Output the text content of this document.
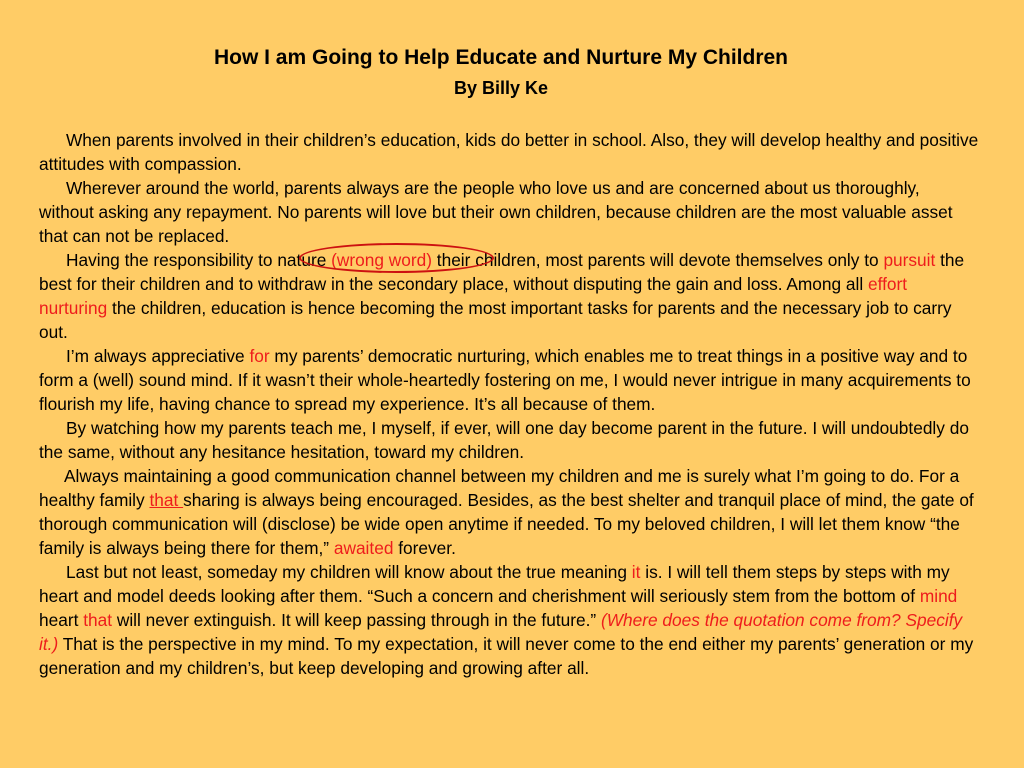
How I am Going to Help Educate and Nurture My Children
By Billy Ke

When parents involved in their children’s education, kids do better in school. Also, they will develop healthy and positive attitudes with compassion.

Wherever around the world, parents always are the people who love us and are concerned about us thoroughly, without asking any repayment. No parents will love but their own children, because children are the most valuable asset that can not be replaced.

Having the responsibility to nature (wrong word) their children, most parents will devote themselves only to pursuit the best for their children and to withdraw in the secondary place, without disputing the gain and loss. Among all effort nurturing the children, education is hence becoming the most important tasks for parents and the necessary job to carry out.

I’m always appreciative for my parents’ democratic nurturing, which enables me to treat things in a positive way and to form a (well) sound mind. If it wasn’t their whole-heartedly fostering on me, I would never intrigue in many acquirements to flourish my life, having chance to spread my experience. It’s all because of them.

By watching how my parents teach me, I myself, if ever, will one day become parent in the future. I will undoubtedly do the same, without any hesitance hesitation, toward my children.

Always maintaining a good communication channel between my children and me is surely what I’m going to do. For a healthy family that sharing is always being encouraged. Besides, as the best shelter and tranquil place of mind, the gate of thorough communication will (disclose) be wide open anytime if needed. To my beloved children, I will let them know “the family is always being there for them,” awaited forever.

Last but not least, someday my children will know about the true meaning it is. I will tell them steps by steps with my heart and model deeds looking after them. “Such a concern and cherishment will seriously stem from the bottom of mind heart that will never extinguish. It will keep passing through in the future.” (Where does the quotation come from? Specify it.) That is the perspective in my mind. To my expectation, it will never come to the end either my parents’ generation or my generation and my children’s, but keep developing and growing after all.
